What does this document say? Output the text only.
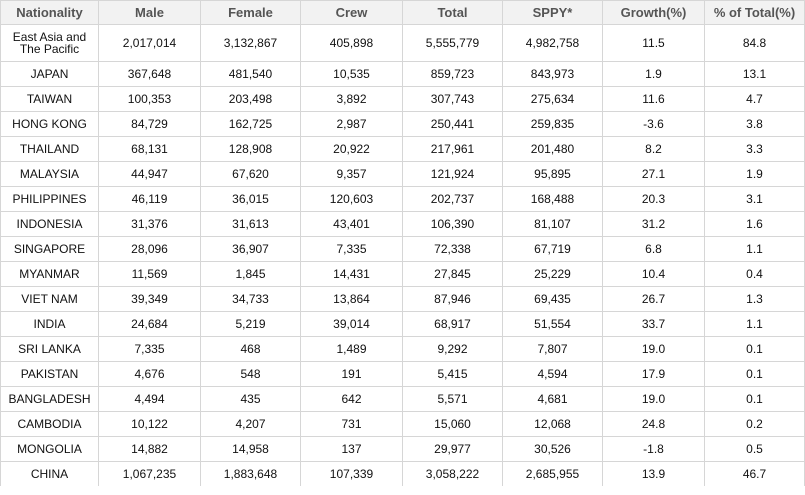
Nationality	Male	Female	Crew	Total	SPPY*	Growth(%)	% of Total(%)
East Asia and The Pacific	2,017,014	3,132,867	405,898	5,555,779	4,982,758	11.5	84.8
JAPAN	367,648	481,540	10,535	859,723	843,973	1.9	13.1
TAIWAN	100,353	203,498	3,892	307,743	275,634	11.6	4.7
HONG KONG	84,729	162,725	2,987	250,441	259,835	-3.6	3.8
THAILAND	68,131	128,908	20,922	217,961	201,480	8.2	3.3
MALAYSIA	44,947	67,620	9,357	121,924	95,895	27.1	1.9
PHILIPPINES	46,119	36,015	120,603	202,737	168,488	20.3	3.1
INDONESIA	31,376	31,613	43,401	106,390	81,107	31.2	1.6
SINGAPORE	28,096	36,907	7,335	72,338	67,719	6.8	1.1
MYANMAR	11,569	1,845	14,431	27,845	25,229	10.4	0.4
VIET NAM	39,349	34,733	13,864	87,946	69,435	26.7	1.3
INDIA	24,684	5,219	39,014	68,917	51,554	33.7	1.1
SRI LANKA	7,335	468	1,489	9,292	7,807	19.0	0.1
PAKISTAN	4,676	548	191	5,415	4,594	17.9	0.1
BANGLADESH	4,494	435	642	5,571	4,681	19.0	0.1
CAMBODIA	10,122	4,207	731	15,060	12,068	24.8	0.2
MONGOLIA	14,882	14,958	137	29,977	30,526	-1.8	0.5
CHINA	1,067,235	1,883,648	107,339	3,058,222	2,685,955	13.9	46.7
